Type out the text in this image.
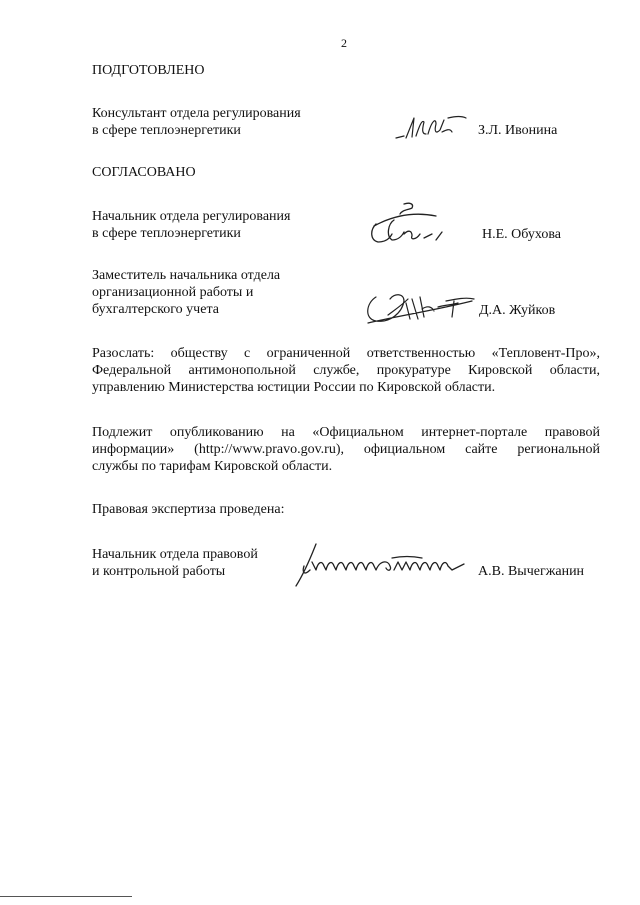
2
ПОДГОТОВЛЕНО
Консультант отдела регулирования
в сфере теплоэнергетики	З.Л. Ивонина
СОГЛАСОВАНО
Начальник отдела регулирования
в сфере теплоэнергетики	Н.Е. Обухова
Заместитель начальника отдела
организационной работы и
бухгалтерского учета	Д.А. Жуйков
Разослать: обществу с ограниченной ответственностью «Тепловент-Про»,
Федеральной антимонопольной службе, прокуратуре Кировской области,
управлению Министерства юстиции России по Кировской области.
Подлежит опубликованию на «Официальном интернет-портале правовой
информации» (http://www.pravo.gov.ru), официальном сайте региональной
службы по тарифам Кировской области.
Правовая экспертиза проведена:
Начальник отдела правовой
и контрольной работы	А.В. Вычегжанин
